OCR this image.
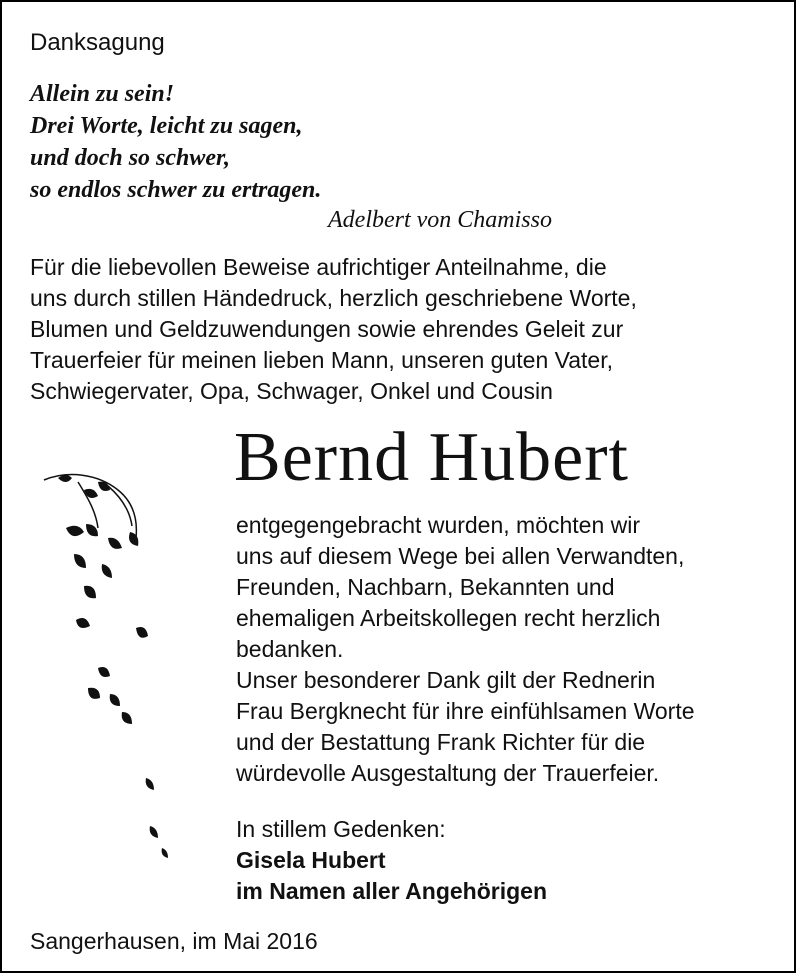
Danksagung
Allein zu sein!
Drei Worte, leicht zu sagen,
und doch so schwer,
so endlos schwer zu ertragen.
Adelbert von Chamisso
Für die liebevollen Beweise aufrichtiger Anteilnahme, die
uns durch stillen Händedruck, herzlich geschriebene Worte,
Blumen und Geldzuwendungen sowie ehrendes Geleit zur
Trauerfeier für meinen lieben Mann, unseren guten Vater,
Schwiegervater, Opa, Schwager, Onkel und Cousin
Bernd Hubert
entgegengebracht wurden, möchten wir
uns auf diesem Wege bei allen Verwandten,
Freunden, Nachbarn, Bekannten und
ehemaligen Arbeitskollegen recht herzlich
bedanken.
Unser besonderer Dank gilt der Rednerin
Frau Bergknecht für ihre einfühlsamen Worte
und der Bestattung Frank Richter für die
würdevolle Ausgestaltung der Trauerfeier.
In stillem Gedenken:
Gisela Hubert
im Namen aller Angehörigen
Sangerhausen, im Mai 2016
